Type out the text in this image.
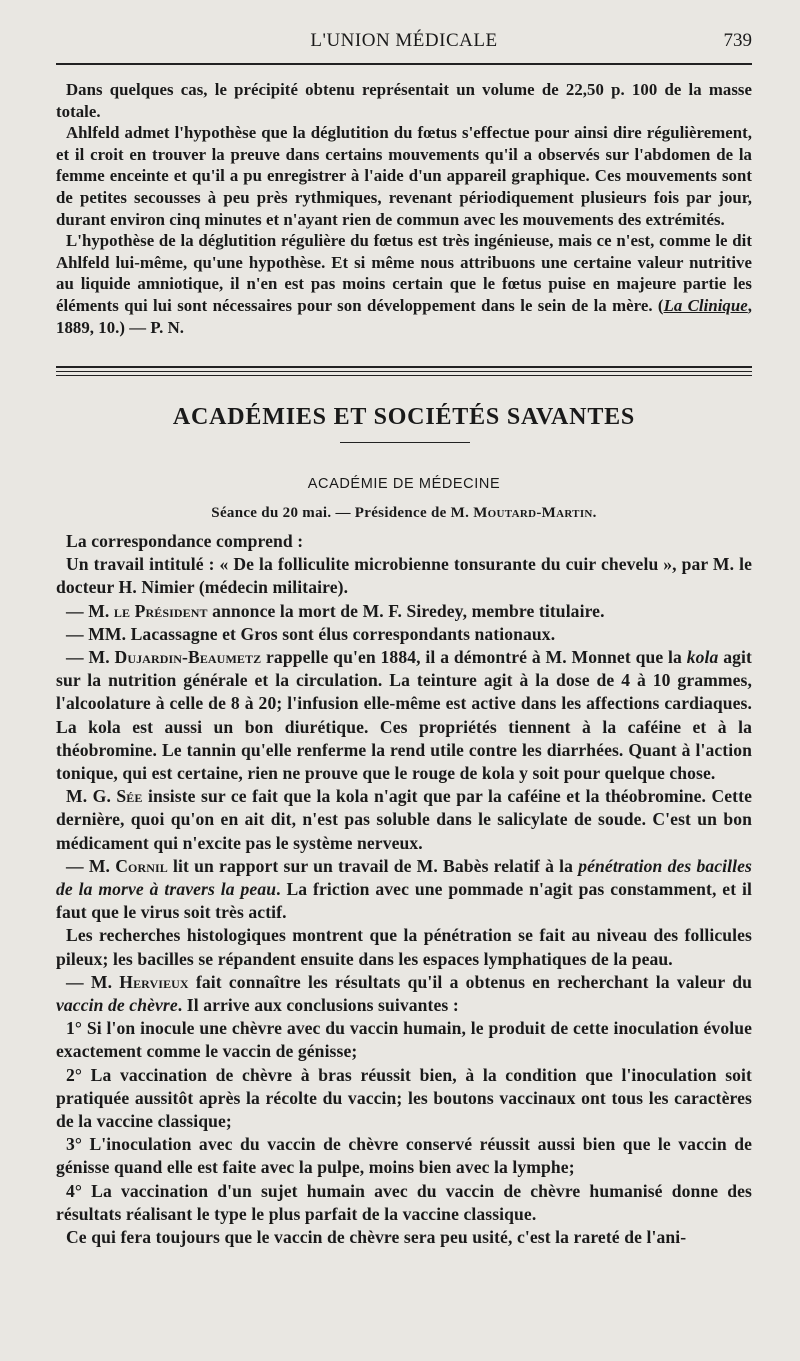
L'UNION MÉDICALE	739

Dans quelques cas, le précipité obtenu représentait un volume de 22,50 p. 100 de la masse totale.

Ahlfeld admet l'hypothèse que la déglutition du fœtus s'effectue pour ainsi dire régulièrement, et il croit en trouver la preuve dans certains mouvements qu'il a observés sur l'abdomen de la femme enceinte et qu'il a pu enregistrer à l'aide d'un appareil graphique. Ces mouvements sont de petites secousses à peu près rythmiques, revenant périodiquement plusieurs fois par jour, durant environ cinq minutes et n'ayant rien de commun avec les mouvements des extrémités.

L'hypothèse de la déglutition régulière du fœtus est très ingénieuse, mais ce n'est, comme le dit Ahlfeld lui-même, qu'une hypothèse. Et si même nous attribuons une certaine valeur nutritive au liquide amniotique, il n'en est pas moins certain que le fœtus puise en majeure partie les éléments qui lui sont nécessaires pour son développement dans le sein de la mère. (La Clinique, 1889, 10.) — P. N.

ACADÉMIES ET SOCIÉTÉS SAVANTES
ACADÉMIE DE MÉDECINE
Séance du 20 mai. — Présidence de M. Moutard-Martin.

La correspondance comprend :

Un travail intitulé : « De la folliculite microbienne tonsurante du cuir chevelu », par M. le docteur H. Nimier (médecin militaire).

— M. le Président annonce la mort de M. F. Siredey, membre titulaire.

— MM. Lacassagne et Gros sont élus correspondants nationaux.

— M. Dujardin-Beaumetz rappelle qu'en 1884, il a démontré à M. Monnet que la kola agit sur la nutrition générale et la circulation. La teinture agit à la dose de 4 à 10 grammes, l'alcoolature à celle de 8 à 20; l'infusion elle-même est active dans les affections cardiaques. La kola est aussi un bon diurétique. Ces propriétés tiennent à la caféine et à la théobromine. Le tannin qu'elle renferme la rend utile contre les diarrhées. Quant à l'action tonique, qui est certaine, rien ne prouve que le rouge de kola y soit pour quelque chose.

M. G. Sée insiste sur ce fait que la kola n'agit que par la caféine et la théobromine. Cette dernière, quoi qu'on en ait dit, n'est pas soluble dans le salicylate de soude. C'est un bon médicament qui n'excite pas le système nerveux.

— M. Cornil lit un rapport sur un travail de M. Babès relatif à la pénétration des bacilles de la morve à travers la peau. La friction avec une pommade n'agit pas constamment, et il faut que le virus soit très actif.

Les recherches histologiques montrent que la pénétration se fait au niveau des follicules pileux; les bacilles se répandent ensuite dans les espaces lymphatiques de la peau.

— M. Hervieux fait connaître les résultats qu'il a obtenus en recherchant la valeur du vaccin de chèvre. Il arrive aux conclusions suivantes :

1° Si l'on inocule une chèvre avec du vaccin humain, le produit de cette inoculation évolue exactement comme le vaccin de génisse;

2° La vaccination de chèvre à bras réussit bien, à la condition que l'inoculation soit pratiquée aussitôt après la récolte du vaccin; les boutons vaccinaux ont tous les caractères de la vaccine classique;

3° L'inoculation avec du vaccin de chèvre conservé réussit aussi bien que le vaccin de génisse quand elle est faite avec la pulpe, moins bien avec la lymphe;

4° La vaccination d'un sujet humain avec du vaccin de chèvre humanisé donne des résultats réalisant le type le plus parfait de la vaccine classique.

Ce qui fera toujours que le vaccin de chèvre sera peu usité, c'est la rareté de l'ani-
